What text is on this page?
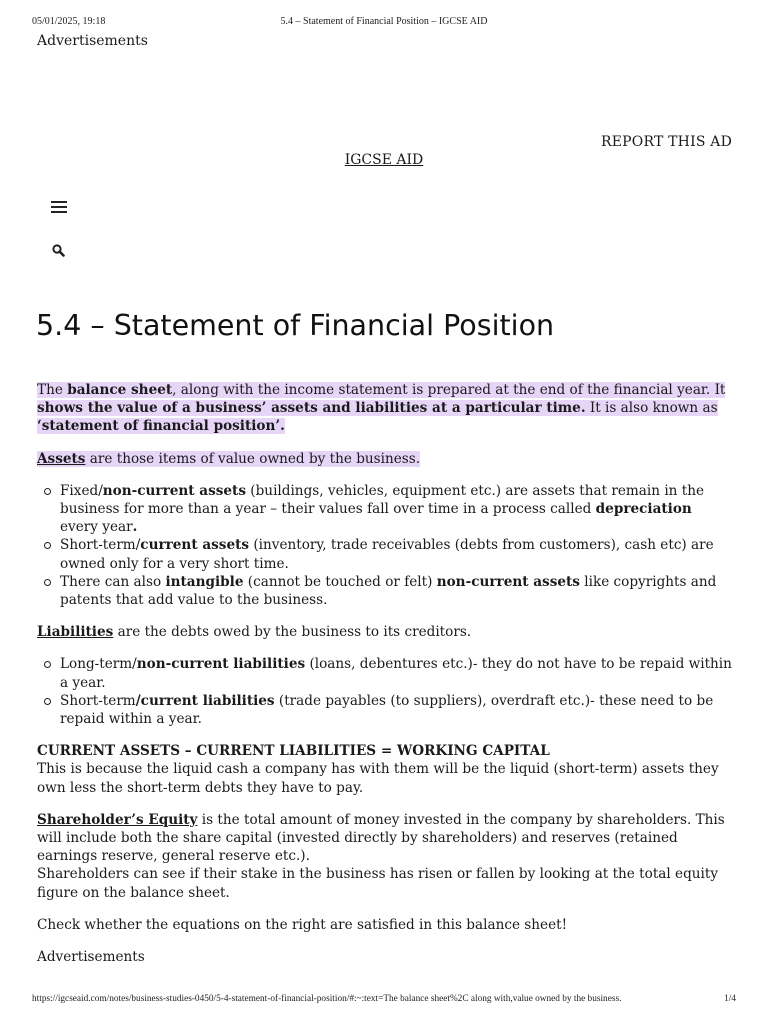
05/01/2025, 19:18	5.4 – Statement of Financial Position – IGCSE AID
Advertisements
REPORT THIS AD
IGCSE AID
5.4 – Statement of Financial Position

The balance sheet, along with the income statement is prepared at the end of the financial year. It shows the value of a business’ assets and liabilities at a particular time. It is also known as ‘statement of financial position’.

Assets are those items of value owned by the business.

Fixed/non-current assets (buildings, vehicles, equipment etc.) are assets that remain in the business for more than a year – their values fall over time in a process called depreciation every year.
Short-term/current assets (inventory, trade receivables (debts from customers), cash etc) are owned only for a very short time.
There can also intangible (cannot be touched or felt) non-current assets like copyrights and patents that add value to the business.

Liabilities are the debts owed by the business to its creditors.

Long-term/non-current liabilities (loans, debentures etc.)- they do not have to be repaid within a year.
Short-term/current liabilities (trade payables (to suppliers), overdraft etc.)- these need to be repaid within a year.

CURRENT ASSETS – CURRENT LIABILITIES = WORKING CAPITAL

This is because the liquid cash a company has with them will be the liquid (short-term) assets they own less the short-term debts they have to pay.

Shareholder’s Equity is the total amount of money invested in the company by shareholders. This will include both the share capital (invested directly by shareholders) and reserves (retained earnings reserve, general reserve etc.).

Shareholders can see if their stake in the business has risen or fallen by looking at the total equity figure on the balance sheet.

Check whether the equations on the right are satisfied in this balance sheet!

Advertisements

https://igcseaid.com/notes/business-studies-0450/5-4-statement-of-financial-position/#:~:text=The balance sheet%2C along with,value owned by the business.	1/4
